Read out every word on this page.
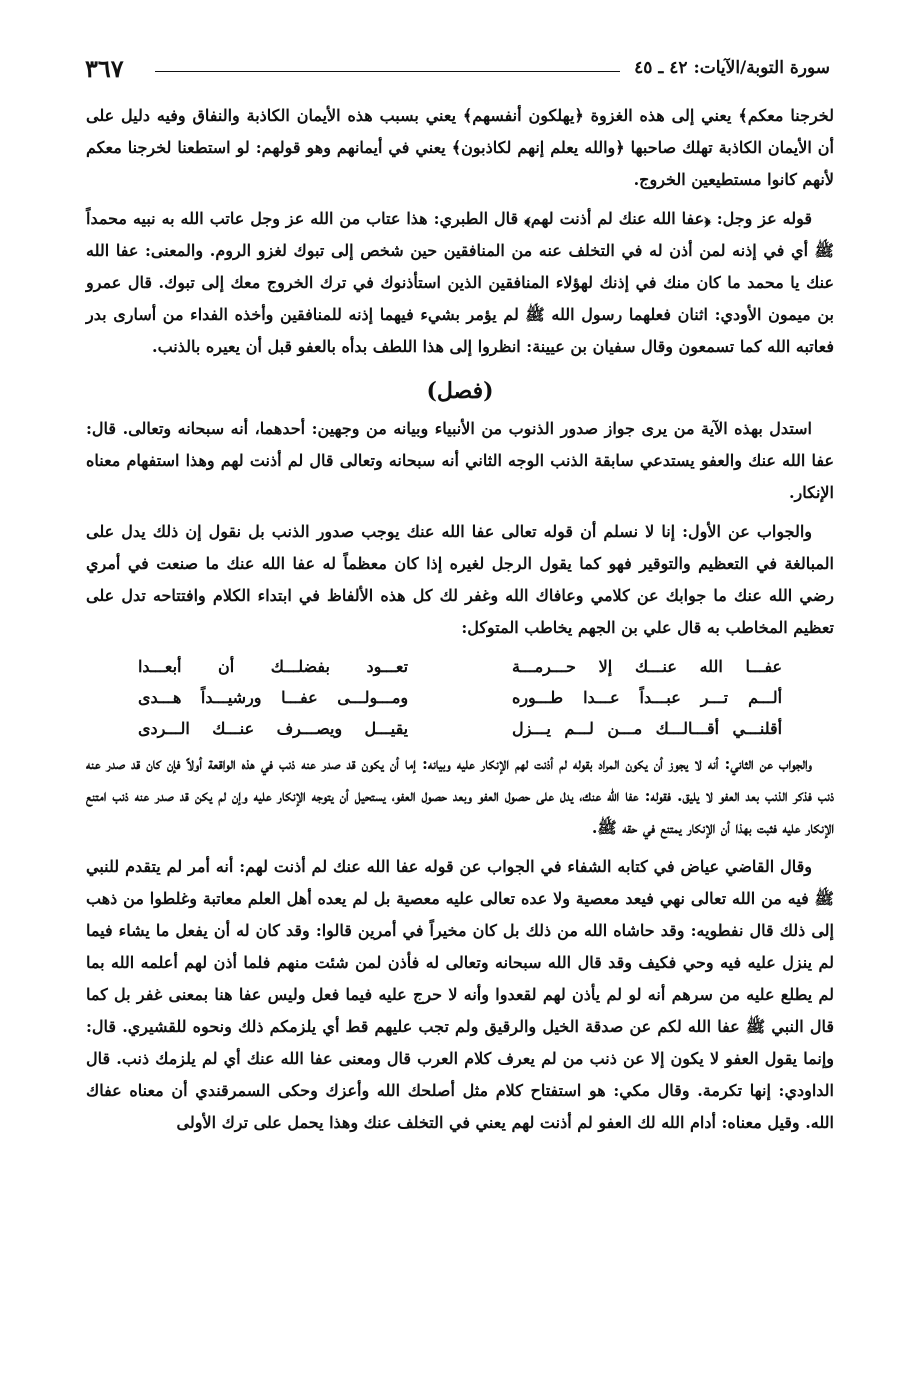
سورة التوبة/الآيات: ٤٢ ـ ٤٥
٣٦٧

لخرجنا معكم﴾ يعني إلى هذه الغزوة ﴿يهلكون أنفسهم﴾ يعني بسبب هذه الأيمان الكاذبة والنفاق وفيه دليل على أن الأيمان الكاذبة تهلك صاحبها ﴿والله يعلم إنهم لكاذبون﴾ يعني في أيمانهم وهو قولهم: لو استطعنا لخرجنا معكم لأنهم كانوا مستطيعين الخروج.

قوله عز وجل: ﴿عفا الله عنك لم أذنت لهم﴾ قال الطبري: هذا عتاب من الله عز وجل عاتب الله به نبيه محمداً ﷺ أي في إذنه لمن أذن له في التخلف عنه من المنافقين حين شخص إلى تبوك لغزو الروم. والمعنى: عفا الله عنك يا محمد ما كان منك في إذنك لهؤلاء المنافقين الذين استأذنوك في ترك الخروج معك إلى تبوك. قال عمرو بن ميمون الأودي: اثنان فعلهما رسول الله ﷺ لم يؤمر بشيء فيهما إذنه للمنافقين وأخذه الفداء من أسارى بدر فعاتبه الله كما تسمعون وقال سفيان بن عيينة: انظروا إلى هذا اللطف بدأه بالعفو قبل أن يعيره بالذنب.

(فصل)

استدل بهذه الآية من يرى جواز صدور الذنوب من الأنبياء وبيانه من وجهين: أحدهما، أنه سبحانه وتعالى. قال: عفا الله عنك والعفو يستدعي سابقة الذنب الوجه الثاني أنه سبحانه وتعالى قال لم أذنت لهم وهذا استفهام معناه الإنكار.

والجواب عن الأول: إنا لا نسلم أن قوله تعالى عفا الله عنك يوجب صدور الذنب بل نقول إن ذلك يدل على المبالغة في التعظيم والتوقير فهو كما يقول الرجل لغيره إذا كان معظماً له عفا الله عنك ما صنعت في أمري رضي الله عنك ما جوابك عن كلامي وعافاك الله وغفر لك كل هذه الألفاظ في ابتداء الكلام وافتتاحه تدل على تعظيم المخاطب به قال علي بن الجهم يخاطب المتوكل:

عفـــا الله عنـــك إلا حـــرمـــة
تعـــود بفضلـــك أن أبعـــدا
ألـــم تـــر عبـــداً عـــدا طـــوره
ومـــولـــى عفـــا ورشيـــداً هـــدى
أقلنـــي أقـــالـــك مـــن لـــم يـــزل
يقيـــل ويصـــرف عنـــك الـــردى

والجواب عن الثاني: أنه لا يجوز أن يكون المراد بقوله لم أذنت لهم الإنكار عليه وبيانه: إما أن يكون قد صدر عنه ذنب في هذه الواقعة أولاً فإن كان قد صدر عنه ذنب فذكر الذنب بعد العفو لا يليق. فقوله: عفا الله عنك، يدل على حصول العفو وبعد حصول العفو، يستحيل أن يتوجه الإنكار عليه وإن لم يكن قد صدر عنه ذنب امتنع الإنكار عليه فثبت بهذا أن الإنكار يمتنع في حقه ﷺ.

وقال القاضي عياض في كتابه الشفاء في الجواب عن قوله عفا الله عنك لم أذنت لهم: أنه أمر لم يتقدم للنبي ﷺ فيه من الله تعالى نهي فيعد معصية ولا عده تعالى عليه معصية بل لم يعده أهل العلم معاتبة وغلطوا من ذهب إلى ذلك قال نفطويه: وقد حاشاه الله من ذلك بل كان مخيراً في أمرين قالوا: وقد كان له أن يفعل ما يشاء فيما لم ينزل عليه فيه وحي فكيف وقد قال الله سبحانه وتعالى له فأذن لمن شئت منهم فلما أذن لهم أعلمه الله بما لم يطلع عليه من سرهم أنه لو لم يأذن لهم لقعدوا وأنه لا حرج عليه فيما فعل وليس عفا هنا بمعنى غفر بل كما قال النبي ﷺ عفا الله لكم عن صدقة الخيل والرقيق ولم تجب عليهم قط أي يلزمكم ذلك ونحوه للقشيري. قال: وإنما يقول العفو لا يكون إلا عن ذنب من لم يعرف كلام العرب قال ومعنى عفا الله عنك أي لم يلزمك ذنب. قال الداودي: إنها تكرمة. وقال مكي: هو استفتاح كلام مثل أصلحك الله وأعزك وحكى السمرقندي أن معناه عفاك الله. وقيل معناه: أدام الله لك العفو لم أذنت لهم يعني في التخلف عنك وهذا يحمل على ترك الأولى
